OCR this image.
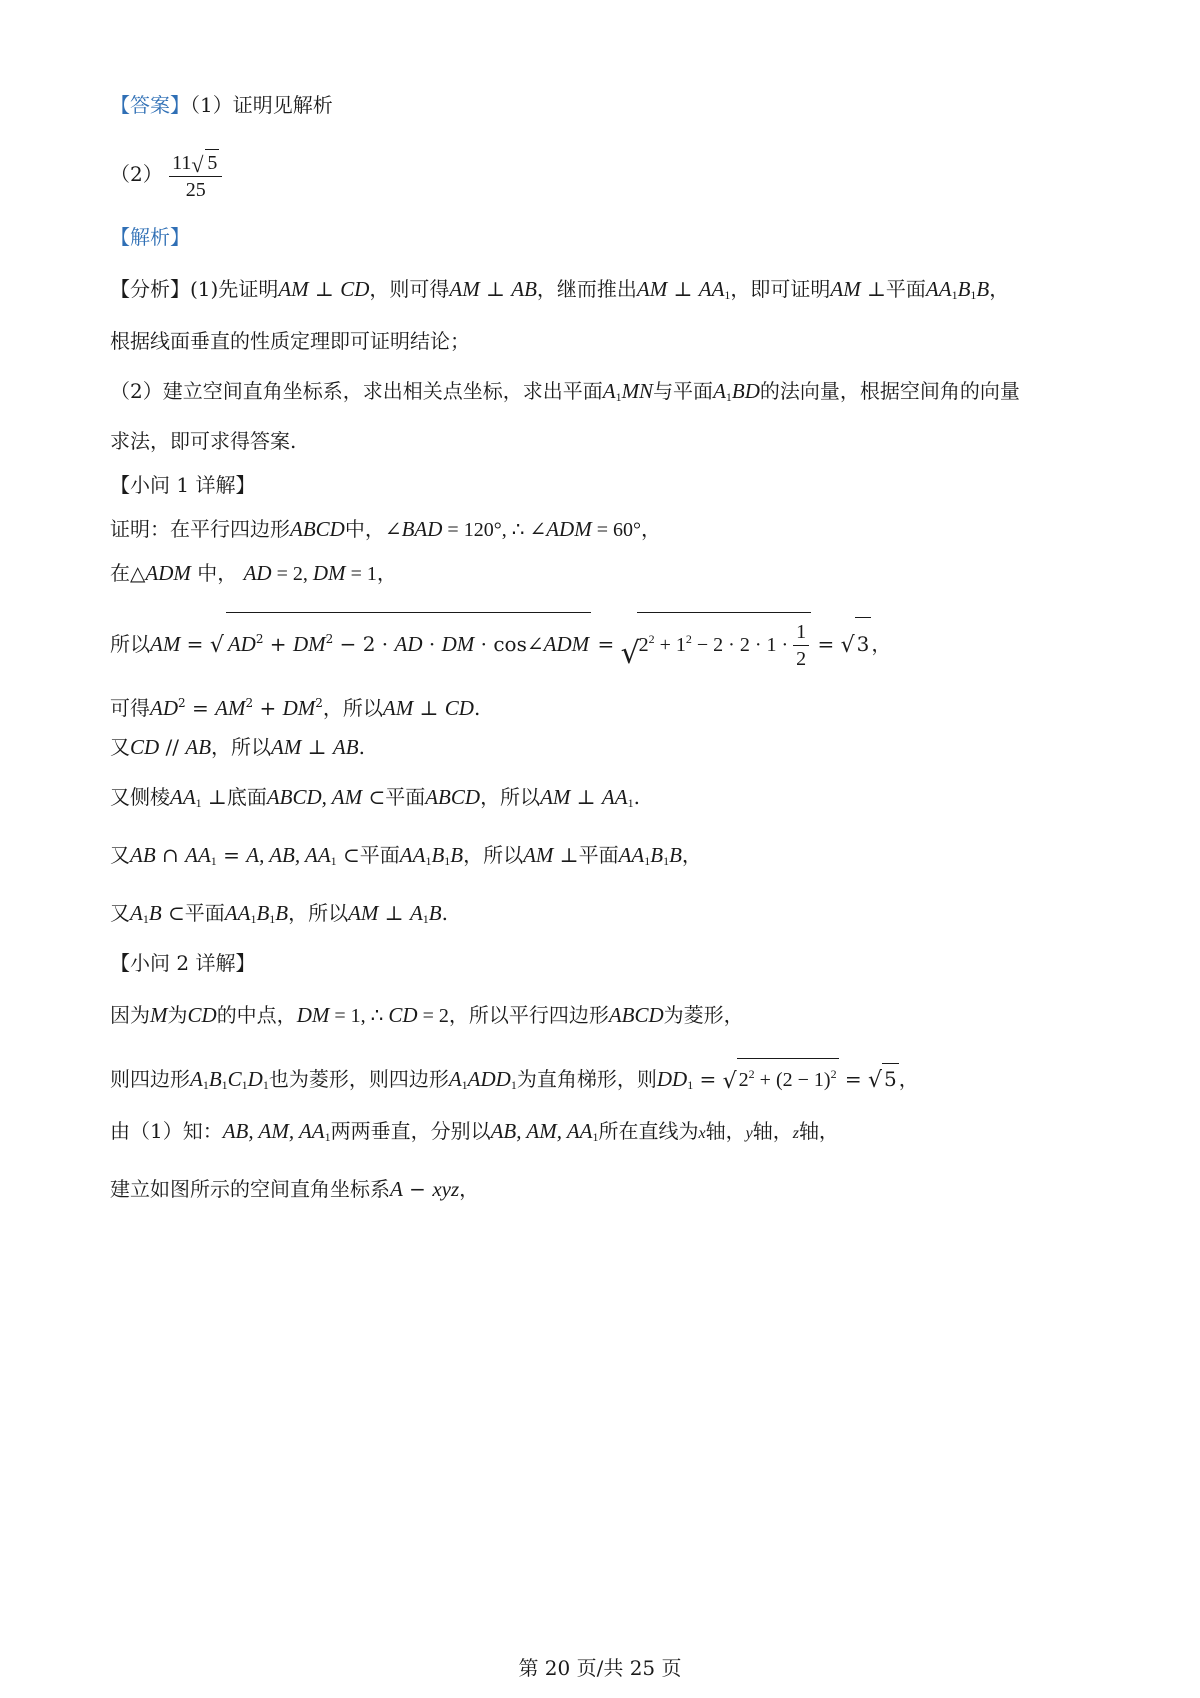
【答案】（1）证明见解析
$(2) \frac{11 √ 5}{25}$
【解析】
【分析】(1)先证明AM ⊥ CD，则可得AM ⊥ AB，继而推出AM ⊥ $AA_1$，即可证明AM ⊥平面$AA_1B_1B$，
根据线面垂直的性质定理即可证明结论；
（2）建立空间直角坐标系，求出相关点坐标，求出平面$A_1MN$与平面$A_1BD$的法向量，根据空间角的向量
求法，即可求得答案.
【小问 1 详解】
证明：在平行四边形ABCD中，∠BAD = 120°, ∴ ∠ADM = 60°，
在△ADM 中， AD = 2, DM = 1，
所以AM = √ $AD^2 + DM^2 - 2$ · AD · DM · cos∠ADM = √
$2^2 + 1^2 - 2 \cdot 2 \cdot 1 \cdot \frac{1}{2}$ = √ 3 ，
可得$AD^2 = AM^2 + DM^2$，所以AM ⊥ CD.
又CD // AB，所以AM ⊥ AB.
又侧棱$AA_1$ ⊥底面ABCD, AM ⊂平面ABCD，所以AM ⊥ $AA_1$.
又AB ∩ $AA_1 = A$, AB, $AA_1$ ⊂平面$AA_1B_1B$，所以AM ⊥平面$AA_1B_1B$，
又$A_1B$ ⊂平面$AA_1B_1B$，所以AM ⊥ $A_1B$.
【小问 2 详解】
因为M为CD的中点，DM = 1, ∴ CD = 2，所以平行四边形ABCD为菱形，
则四边形$A_1B_1C_1D_1$也为菱形，则四边形$A_1ADD_1$为直角梯形，则$DD_1$ = √ $2^2 + (2 - 1)^2$ = √ 5 ，
由（1）知：AB, AM, $AA_1$两两垂直，分别以AB, AM, $AA_1$所在直线为x轴，y轴，z轴，
建立如图所示的空间直角坐标系A − xyz，
第 20 页/共 25 页
